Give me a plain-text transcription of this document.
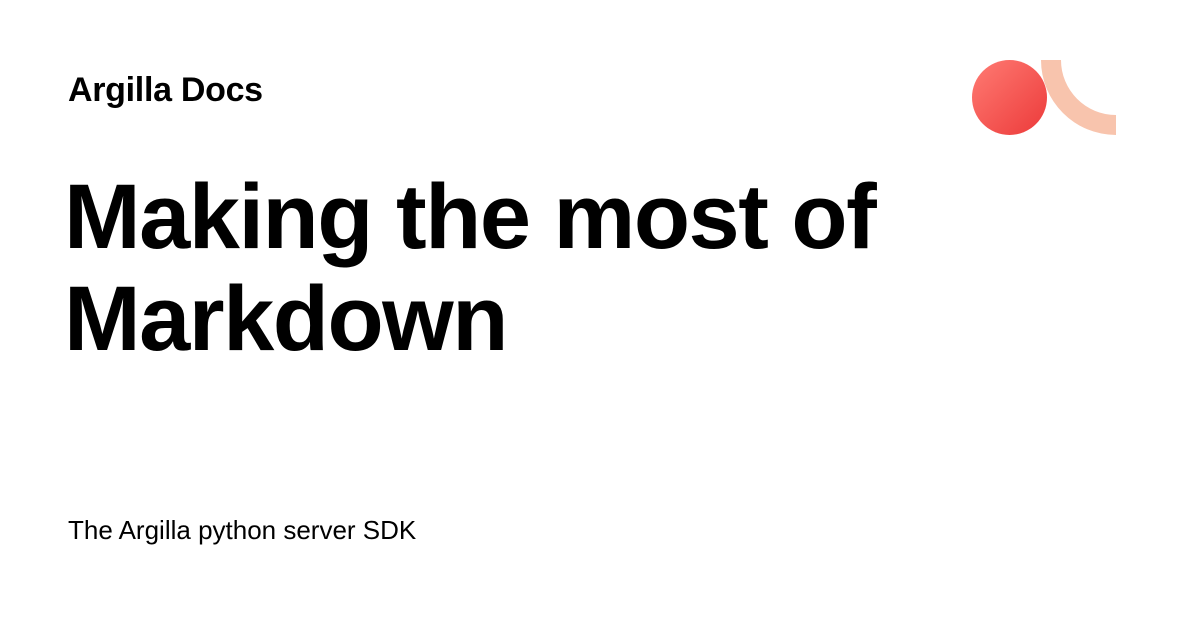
Argilla Docs
Making the most of Markdown
The Argilla python server SDK
